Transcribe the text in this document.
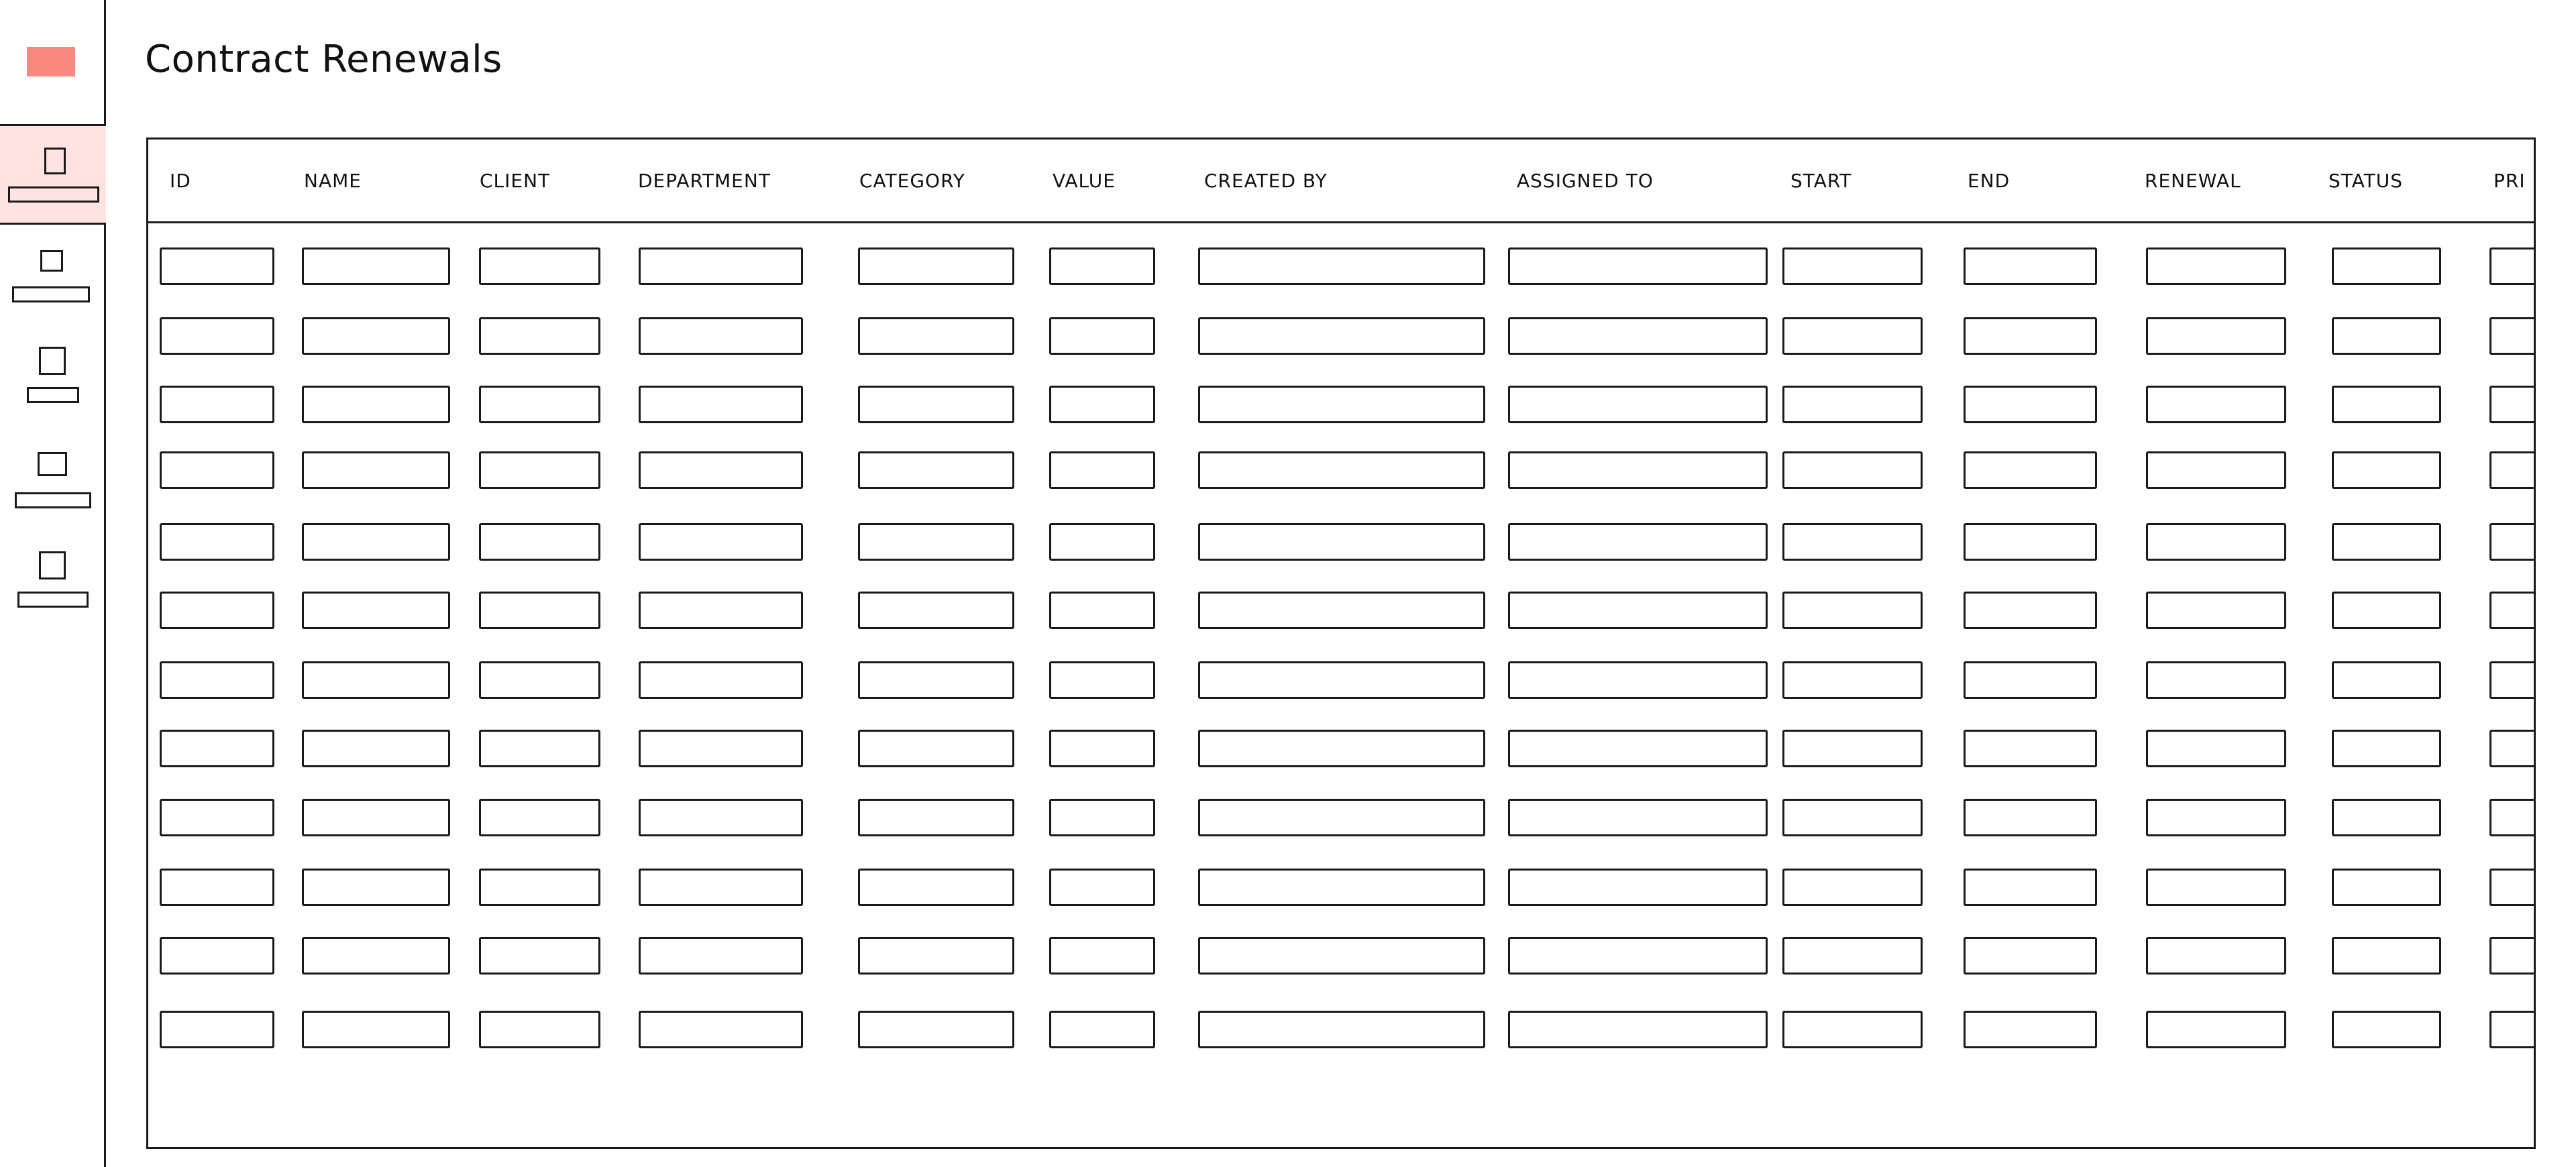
Contract Renewals
ID	NAME	CLIENT	DEPARTMENT	CATEGORY	VALUE	CREATED BY	ASSIGNED TO	START	END	RENEWAL	STATUS	PRI
